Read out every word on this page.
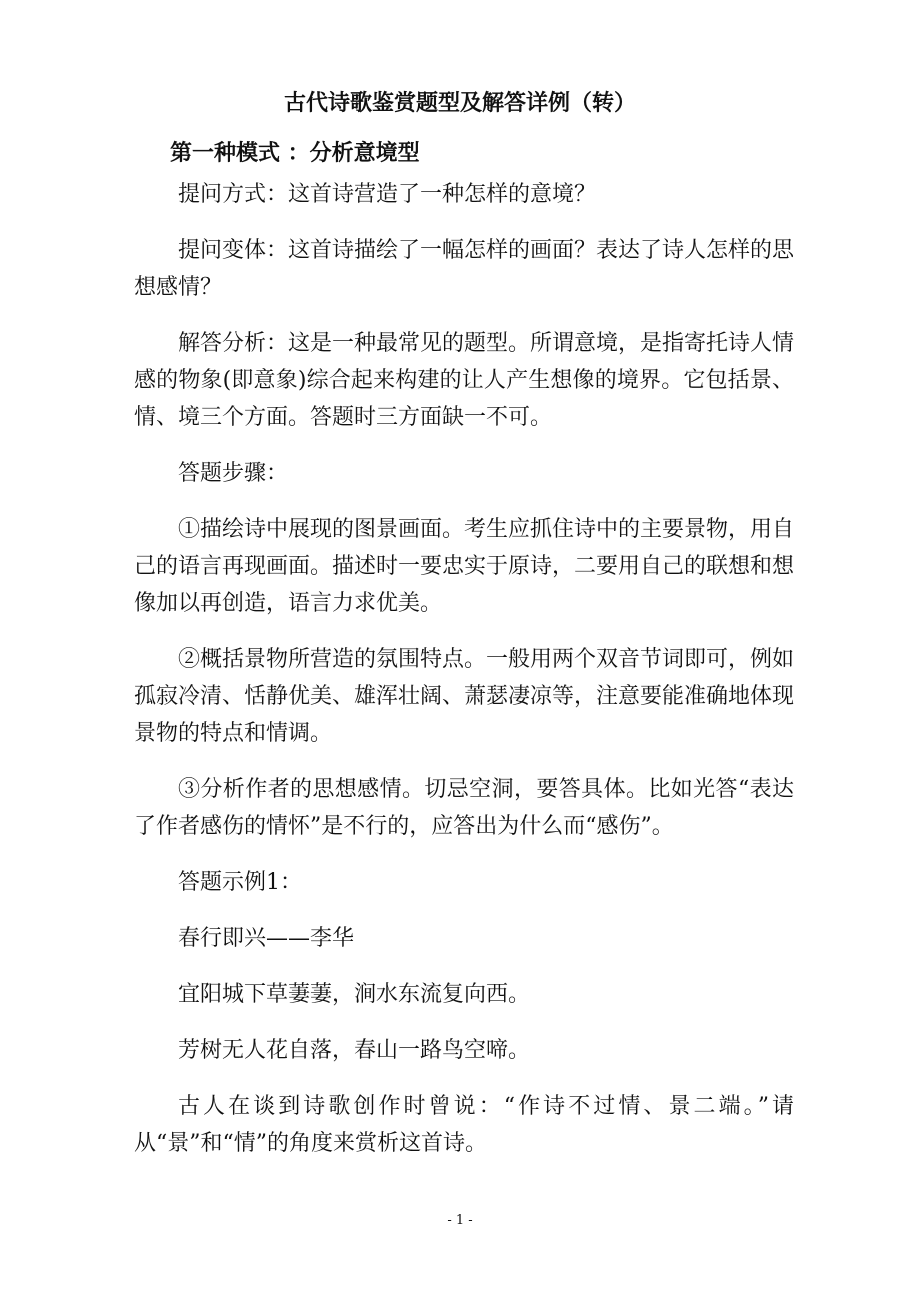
古代诗歌鉴赏题型及解答详例（转）
第一种模式 ：分析意境型

提问方式：这首诗营造了一种怎样的意境？

提问变体：这首诗描绘了一幅怎样的画面？表达了诗人怎样的思想感情？

解答分析：这是一种最常见的题型。所谓意境，是指寄托诗人情感的物象(即意象)综合起来构建的让人产生想像的境界。它包括景、情、境三个方面。答题时三方面缺一不可。

答题步骤：

①描绘诗中展现的图景画面。考生应抓住诗中的主要景物，用自己的语言再现画面。描述时一要忠实于原诗，二要用自己的联想和想像加以再创造，语言力求优美。

②概括景物所营造的氛围特点。一般用两个双音节词即可，例如孤寂冷清、恬静优美、雄浑壮阔、萧瑟凄凉等，注意要能准确地体现景物的特点和情调。

③分析作者的思想感情。切忌空洞，要答具体。比如光答“表达了作者感伤的情怀”是不行的，应答出为什么而“感伤”。

答题示例1：

春行即兴——李华

宜阳城下草萋萋，涧水东流复向西。

芳树无人花自落，春山一路鸟空啼。

古人在谈到诗歌创作时曾说：“作诗不过情、景二端。”请从“景”和“情”的角度来赏析这首诗。

- 1 -
